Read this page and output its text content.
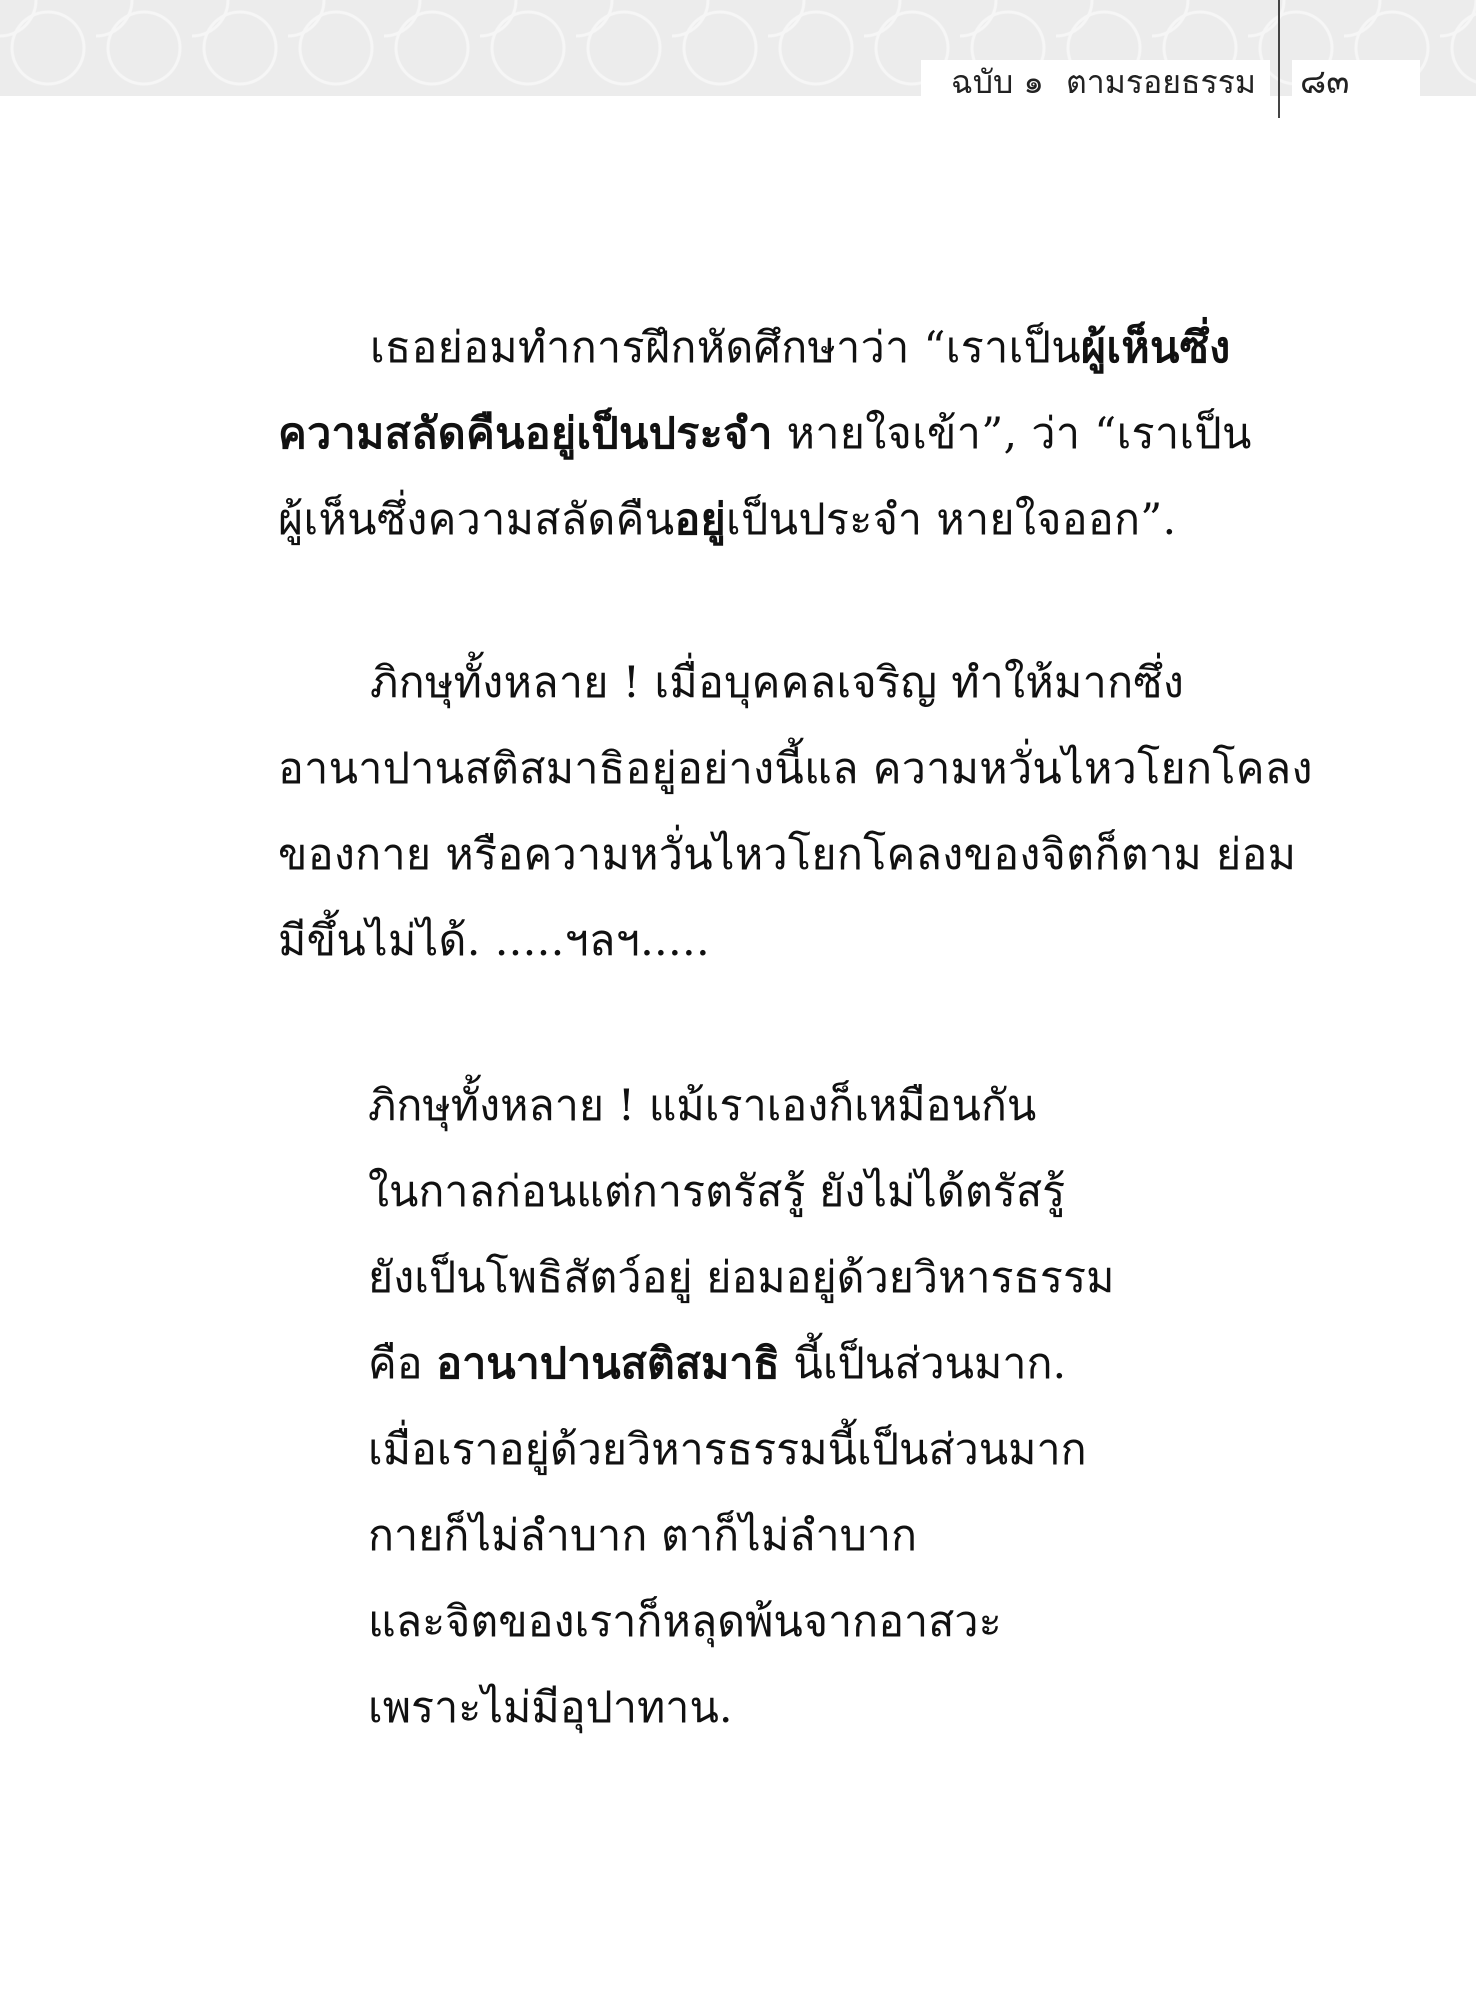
ฉบับ ๑ ตามรอยธรรม	๘๓
เธอย่อมทำการฝึกหัดศึกษาว่า “เราเป็นผู้เห็นซึ่ง
ความสลัดคืนอยู่เป็นประจำ หายใจเข้า”, ว่า “เราเป็น
ผู้เห็นซึ่งความสลัดคืนอยู่เป็นประจำ หายใจออก”.
ภิกษุทั้งหลาย ! เมื่อบุคคลเจริญ ทำให้มากซึ่ง
อานาปานสติสมาธิอยู่อย่างนี้แล ความหวั่นไหวโยกโคลง
ของกาย หรือความหวั่นไหวโยกโคลงของจิตก็ตาม ย่อม
มีขึ้นไม่ได้. .....ฯลฯ.....
ภิกษุทั้งหลาย ! แม้เราเองก็เหมือนกัน
ในกาลก่อนแต่การตรัสรู้ ยังไม่ได้ตรัสรู้
ยังเป็นโพธิสัตว์อยู่ ย่อมอยู่ด้วยวิหารธรรม
คือ อานาปานสติสมาธิ นี้เป็นส่วนมาก.
เมื่อเราอยู่ด้วยวิหารธรรมนี้เป็นส่วนมาก
กายก็ไม่ลำบาก ตาก็ไม่ลำบาก
และจิตของเราก็หลุดพ้นจากอาสวะ
เพราะไม่มีอุปาทาน.
